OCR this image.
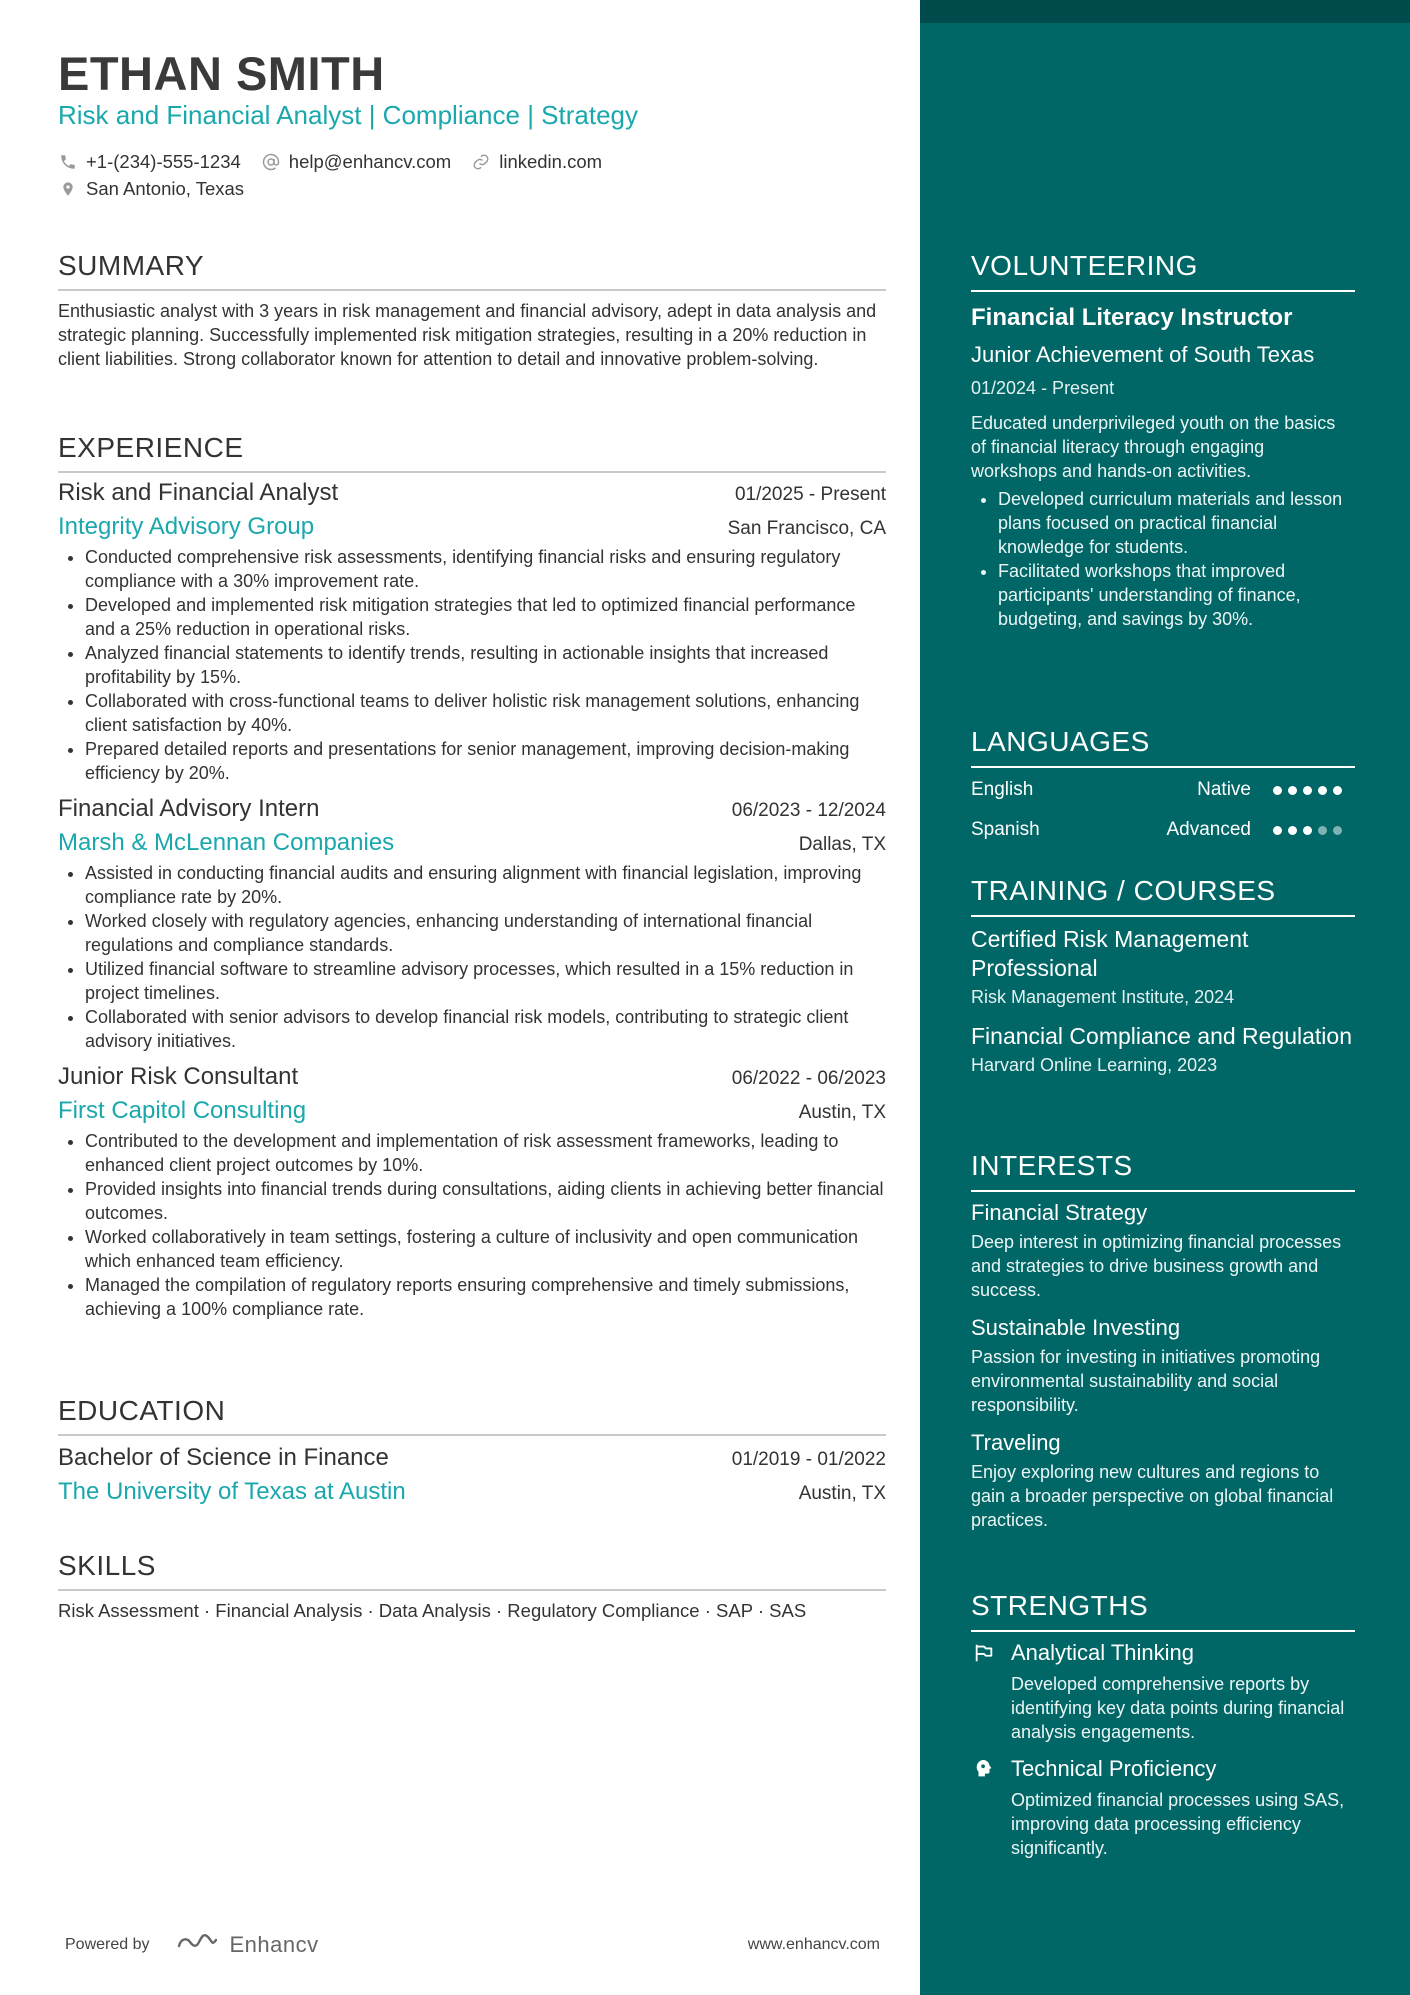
ETHAN SMITH
Risk and Financial Analyst | Compliance | Strategy
+1-(234)-555-1234	help@enhancv.com	linkedin.com
San Antonio, Texas
SUMMARY
Enthusiastic analyst with 3 years in risk management and financial advisory, adept in data analysis and strategic planning. Successfully implemented risk mitigation strategies, resulting in a 20% reduction in client liabilities. Strong collaborator known for attention to detail and innovative problem-solving.
EXPERIENCE
Risk and Financial Analyst	01/2025 - Present
Integrity Advisory Group	San Francisco, CA
• Conducted comprehensive risk assessments, identifying financial risks and ensuring regulatory compliance with a 30% improvement rate.
• Developed and implemented risk mitigation strategies that led to optimized financial performance and a 25% reduction in operational risks.
• Analyzed financial statements to identify trends, resulting in actionable insights that increased profitability by 15%.
• Collaborated with cross-functional teams to deliver holistic risk management solutions, enhancing client satisfaction by 40%.
• Prepared detailed reports and presentations for senior management, improving decision-making efficiency by 20%.
Financial Advisory Intern	06/2023 - 12/2024
Marsh & McLennan Companies	Dallas, TX
• Assisted in conducting financial audits and ensuring alignment with financial legislation, improving compliance rate by 20%.
• Worked closely with regulatory agencies, enhancing understanding of international financial regulations and compliance standards.
• Utilized financial software to streamline advisory processes, which resulted in a 15% reduction in project timelines.
• Collaborated with senior advisors to develop financial risk models, contributing to strategic client advisory initiatives.
Junior Risk Consultant	06/2022 - 06/2023
First Capitol Consulting	Austin, TX
• Contributed to the development and implementation of risk assessment frameworks, leading to enhanced client project outcomes by 10%.
• Provided insights into financial trends during consultations, aiding clients in achieving better financial outcomes.
• Worked collaboratively in team settings, fostering a culture of inclusivity and open communication which enhanced team efficiency.
• Managed the compilation of regulatory reports ensuring comprehensive and timely submissions, achieving a 100% compliance rate.
EDUCATION
Bachelor of Science in Finance	01/2019 - 01/2022
The University of Texas at Austin	Austin, TX
SKILLS
Risk Assessment · Financial Analysis · Data Analysis · Regulatory Compliance · SAP · SAS
Powered by	Enhancv	www.enhancv.com
VOLUNTEERING
Financial Literacy Instructor
Junior Achievement of South Texas
01/2024 - Present
Educated underprivileged youth on the basics of financial literacy through engaging workshops and hands-on activities.
• Developed curriculum materials and lesson plans focused on practical financial knowledge for students.
• Facilitated workshops that improved participants' understanding of finance, budgeting, and savings by 30%.
LANGUAGES
English	Native
Spanish	Advanced
TRAINING / COURSES
Certified Risk Management Professional
Risk Management Institute, 2024
Financial Compliance and Regulation
Harvard Online Learning, 2023
INTERESTS
Financial Strategy
Deep interest in optimizing financial processes and strategies to drive business growth and success.
Sustainable Investing
Passion for investing in initiatives promoting environmental sustainability and social responsibility.
Traveling
Enjoy exploring new cultures and regions to gain a broader perspective on global financial practices.
STRENGTHS
Analytical Thinking
Developed comprehensive reports by identifying key data points during financial analysis engagements.
Technical Proficiency
Optimized financial processes using SAS, improving data processing efficiency significantly.
